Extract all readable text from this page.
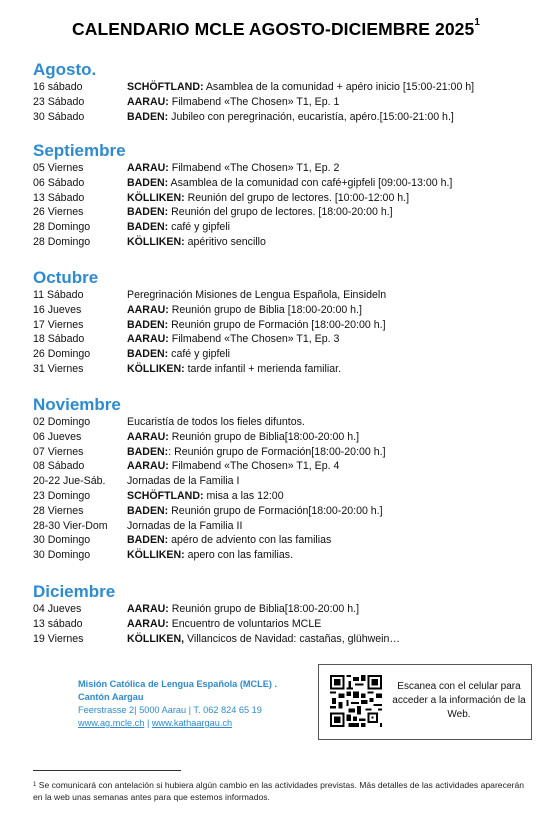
CALENDARIO MCLE AGOSTO-DICIEMBRE 2025$^1$
Agosto.
16 sábado	SCHÖFTLAND: Asamblea de la comunidad + apéro inicio [15:00-21:00 h]
23 Sábado	AARAU: Filmabend «The Chosen» T1, Ep. 1
30 Sábado	BADEN: Jubileo con peregrinación, eucaristía, apéro.[15:00-21:00 h.]
Septiembre
05 Viernes	AARAU: Filmabend «The Chosen» T1, Ep. 2
06 Sábado	BADEN: Asamblea de la comunidad con café+gipfeli [09:00-13:00 h.]
13 Sábado	KÖLLIKEN: Reunión del grupo de lectores. [10:00-12:00 h.]
26 Viernes	BADEN: Reunión del grupo de lectores. [18:00-20:00 h.]
28 Domingo	BADEN: café y gipfeli
28 Domingo	KÖLLIKEN: apéritivo sencillo
Octubre
11 Sábado	Peregrinación Misiones de Lengua Española, Einsideln
16 Jueves	AARAU: Reunión grupo de Biblia [18:00-20:00 h.]
17 Viernes	BADEN: Reunión grupo de Formación [18:00-20:00 h.]
18 Sábado	AARAU: Filmabend «The Chosen» T1, Ep. 3
26 Domingo	BADEN: café y gipfeli
31 Viernes	KÖLLIKEN: tarde infantil + merienda familiar.
Noviembre
02 Domingo	Eucaristía de todos los fieles difuntos.
06 Jueves	AARAU: Reunión grupo de Biblia[18:00-20:00 h.]
07 Viernes	BADEN:: Reunión grupo de Formación[18:00-20:00 h.]
08 Sábado	AARAU: Filmabend «The Chosen» T1, Ep. 4
20-22 Jue-Sáb. Jornadas de la Familia I
23 Domingo	SCHÖFTLAND: misa a las 12:00
28 Viernes	BADEN: Reunión grupo de Formación[18:00-20:00 h.]
28-30 Vier-Dom Jornadas de la Familia II
30 Domingo	BADEN: apéro de adviento con las familias
30 Domingo	KÖLLIKEN: apero con las familias.
Diciembre
04 Jueves	AARAU: Reunión grupo de Biblia[18:00-20:00 h.]
13 sábado	AARAU: Encuentro de voluntarios MCLE
19 Viernes	KÖLLIKEN, Villancicos de Navidad: castañas, glühwein…
Misión Católica de Lengua Española (MCLE) .
Cantón Aargau
Feerstrasse 2| 5000 Aarau | T. 062 824 65 19
www.ag.mcle.ch | www.kathaargau.ch
Escanea con el celular para acceder a la información de la Web.
$^1$ Se comunicará con antelación si hubiera algún cambio en las actividades previstas. Más detalles de las actividades aparecerán en la web unas semanas antes para que estemos informados.
